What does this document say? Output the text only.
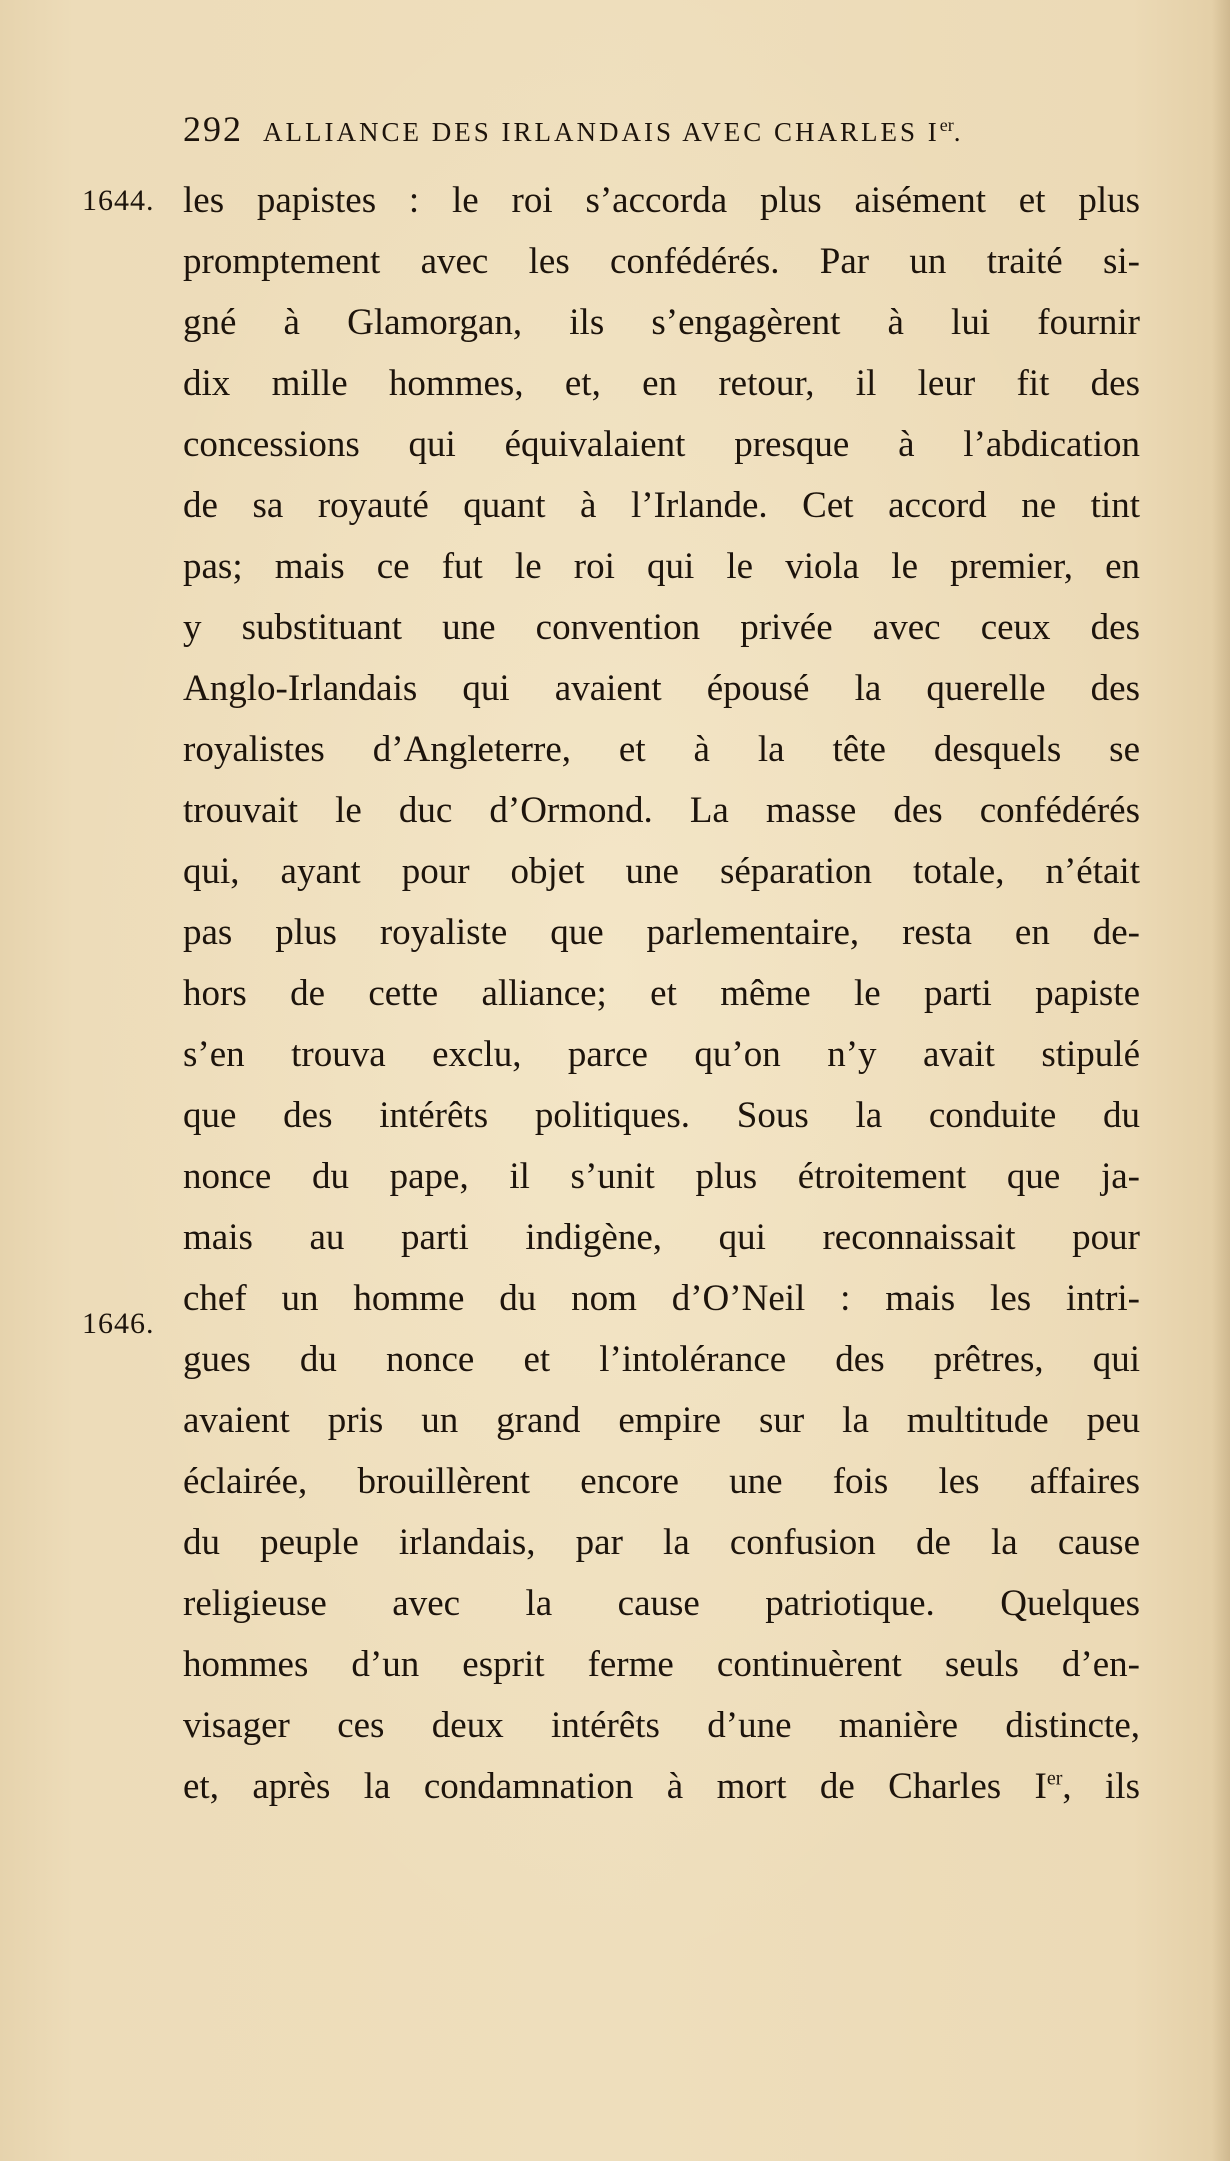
292 ALLIANCE DES IRLANDAIS AVEC CHARLES Ier.
1644.
1646.
les papistes : le roi s’accorda plus aisément et plus
promptement avec les confédérés. Par un traité si-
gné à Glamorgan, ils s’engagèrent à lui fournir
dix mille hommes, et, en retour, il leur fit des
concessions qui équivalaient presque à l’abdication
de sa royauté quant à l’Irlande. Cet accord ne tint
pas; mais ce fut le roi qui le viola le premier, en
y substituant une convention privée avec ceux des
Anglo-Irlandais qui avaient épousé la querelle des
royalistes d’Angleterre, et à la tête desquels se
trouvait le duc d’Ormond. La masse des confédérés
qui, ayant pour objet une séparation totale, n’était
pas plus royaliste que parlementaire, resta en de-
hors de cette alliance; et même le parti papiste
s’en trouva exclu, parce qu’on n’y avait stipulé
que des intérêts politiques. Sous la conduite du
nonce du pape, il s’unit plus étroitement que ja-
mais au parti indigène, qui reconnaissait pour
chef un homme du nom d’O’Neil : mais les intri-
gues du nonce et l’intolérance des prêtres, qui
avaient pris un grand empire sur la multitude peu
éclairée, brouillèrent encore une fois les affaires
du peuple irlandais, par la confusion de la cause
religieuse avec la cause patriotique. Quelques
hommes d’un esprit ferme continuèrent seuls d’en-
visager ces deux intérêts d’une manière distincte,
et, après la condamnation à mort de Charles Ier, ils
